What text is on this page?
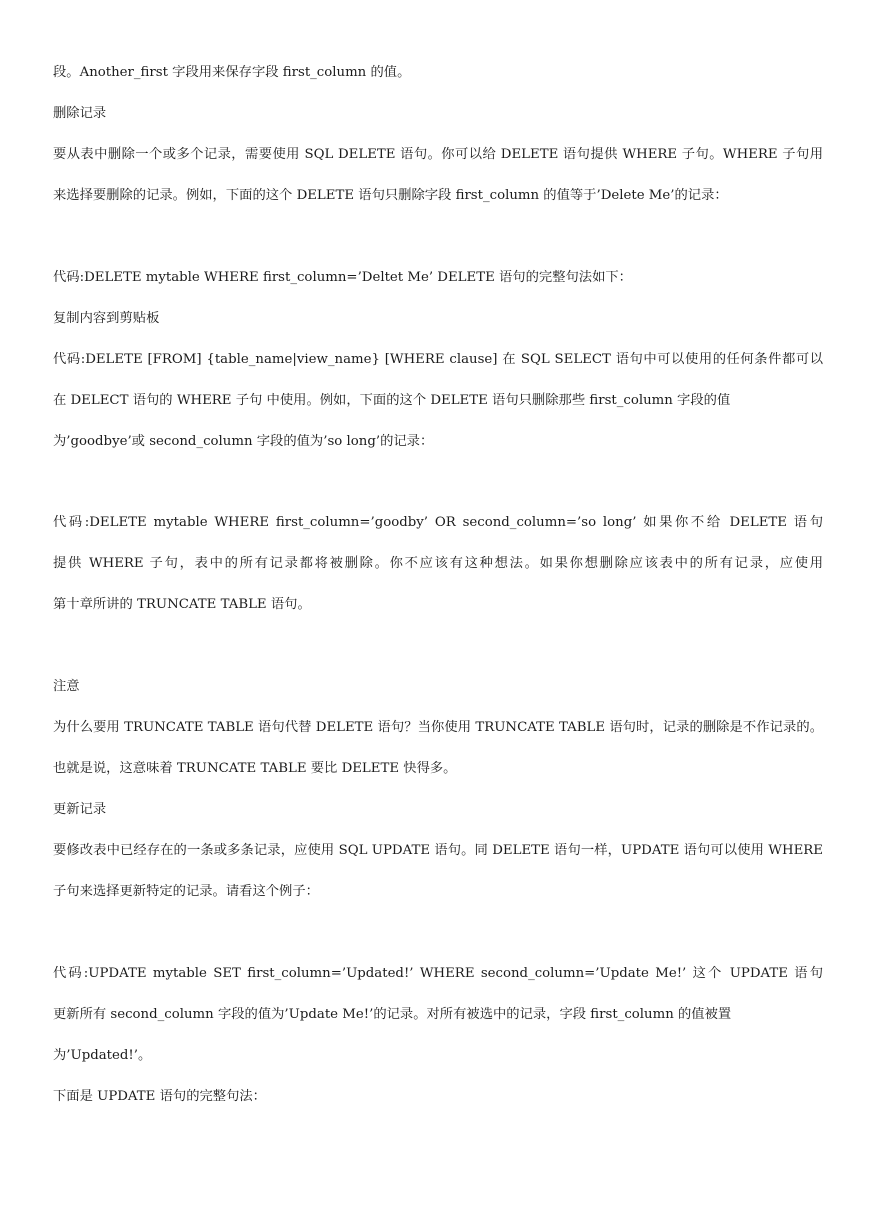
段。Another_first 字段用来保存字段 first_column 的值。
删除记录
要从表中删除一个或多个记录，需要使用 SQL DELETE 语句。你可以给 DELETE 语句提供 WHERE 子句。WHERE 子句用
来选择要删除的记录。例如，下面的这个 DELETE 语句只删除字段 first_column 的值等于’Delete Me’的记录：
代码:DELETE mytable WHERE first_column=’Deltet Me’ DELETE 语句的完整句法如下：
复制内容到剪贴板
代码:DELETE [FROM] {table_name|view_name} [WHERE clause] 在 SQL SELECT 语句中可以使用的任何条件都可以
在 DELECT 语句的 WHERE 子句 中使用。例如，下面的这个 DELETE 语句只删除那些 first_column 字段的值
为’goodbye’或 second_column 字段的值为’so long’的记录：
代码:DELETE mytable WHERE first_column=’goodby’ OR second_column=’so long’ 如果你不给 DELETE 语句
提供 WHERE 子句，表中的所有记录都将被删除。你不应该有这种想法。如果你想删除应该表中的所有记录，应使用
第十章所讲的 TRUNCATE TABLE 语句。
注意
为什么要用 TRUNCATE TABLE 语句代替 DELETE 语句？当你使用 TRUNCATE TABLE 语句时，记录的删除是不作记录的。
也就是说，这意味着 TRUNCATE TABLE 要比 DELETE 快得多。
更新记录
要修改表中已经存在的一条或多条记录，应使用 SQL UPDATE 语句。同 DELETE 语句一样，UPDATE 语句可以使用 WHERE
子句来选择更新特定的记录。请看这个例子：
代码:UPDATE mytable SET first_column=’Updated!’ WHERE second_column=’Update Me!’ 这个 UPDATE 语句
更新所有 second_column 字段的值为’Update Me!’的记录。对所有被选中的记录，字段 first_column 的值被置
为’Updated!’。
下面是 UPDATE 语句的完整句法：
